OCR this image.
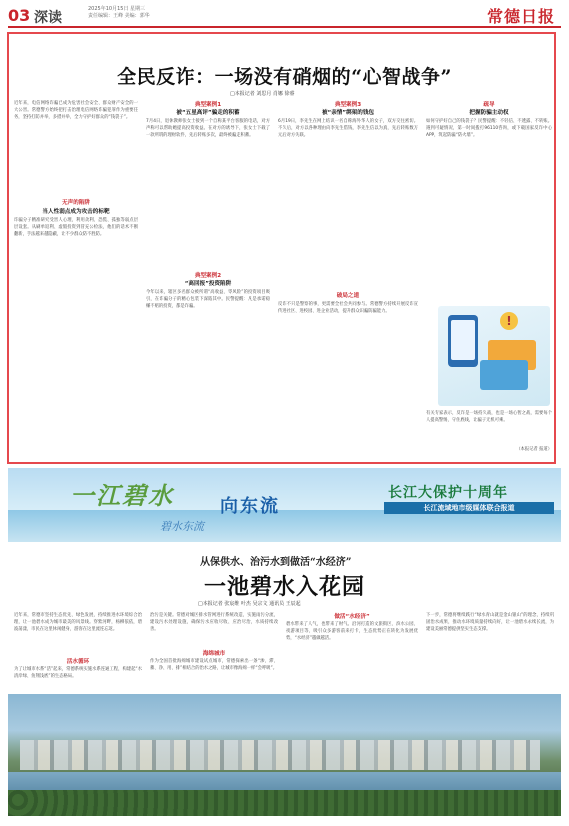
03 深读
2025年10月15日 星期三
责任编辑：王峰 美编：郭华	常德日报
全民反诈：一场没有硝烟的“心智战争”
□本报记者 刘思月 肖娜 徐睿
近年来，电信网络诈骗已成为危害社会安全、群众财产安全的一大公害。常德警方始终把打击治理电信网络诈骗犯罪作为重要任务，坚持打防并举，多措并举，全力守护好群众的“钱袋子”。
无声的陷阱
当人性弱点成为攻击的标靶
诈骗分子精准研究受害人心理，利用贪利、恐慌、孤独等弱点层层设套。从刷单返利、虚假投资到冒充公检法，他们的话术不断翻新，手法越来越隐蔽，让不少群众防不胜防。
典型案例1
被“五星高评”骗走的积蓄
7月4日，退休教师张女士接到一个自称某平台客服的电话，对方声称可以帮助她提高投资收益。在对方的诱导下，张女士下载了一款所谓的理财软件，先后转账多次，最终被骗走积蓄。
典型案例2
“高回报”投资陷阱
今年以来，辖区多名群众被所谓“高收益、零风险”的投资项目吸引，在诈骗分子的精心包装下深陷其中。民警提醒：凡是承诺稳赚不赔的投资，都是诈骗。
典型案例3
被“亲情”绑架的钱包
6月19日，李先生在网上结识一名自称海外华人的女子，双方交往密切。不久后，对方以各种理由向李先生借钱，李先生信以为真，先后转账数万元后对方失联。
破局之道
反诈不只是警察的事，更需要全社会共同参与。常德警方持续开展反诈宣传进社区、进校园、进企业活动，提升群众识骗防骗能力。
疏导
把握防骗主动权
如何守护好自己的钱袋子？民警提醒：不轻信、不透露、不转账。遇到可疑情况，第一时间拨打96110咨询，或下载国家反诈中心APP，筑起防骗“防火墙”。
!
有关专家表示，反诈是一场持久战，也是一场心智之战，需要每个人提高警惕，守住底线，让骗子无机可乘。
（本报记者 报道）
一江碧水	向东流
长江大保护十周年
长江流域地市级媒体联合报道
碧水东流
从保供水、治污水到做活“水经济”
一池碧水入花园
□本报记者 张宸维 叶杰 吴宗文 通讯员 王辰起
近年来，常德市坚持生态优先、绿色发展，持续推进水环境综合治理，让一池碧水成为城市最美的风景线。穿紫河畔，杨柳依依，碧波荡漾，市民在这里休闲健身，游客在这里流连忘返。
活水循环
为了让城市水系“活”起来，常德系统实施水系连通工程，构建起“水清岸绿、鱼翔浅底”的生态格局。
治污是关键。常德对城区排水管网进行系统改造，实施雨污分流，建设污水处理设施，确保污水应收尽收、应治尽治，水质持续改善。
海绵城市
作为全国首批海绵城市建设试点城市，常德探索出一条“渗、滞、蓄、净、用、排”相结合的治水之路，让城市像海绵一样“会呼吸”。
做活“水经济”
碧水带来了人气，也带来了财气。沿河打造的文旅街区、滨水公园、夜游项目等，吸引众多游客前来打卡，生态优势正在转化为发展优势，“水经济”越做越活。
下一步，常德将继续践行“绿水青山就是金山银山”的理念，持续巩固治水成果，推动水环境质量持续向好，让一池碧水永续长流，为建设美丽常德提供坚实生态支撑。
